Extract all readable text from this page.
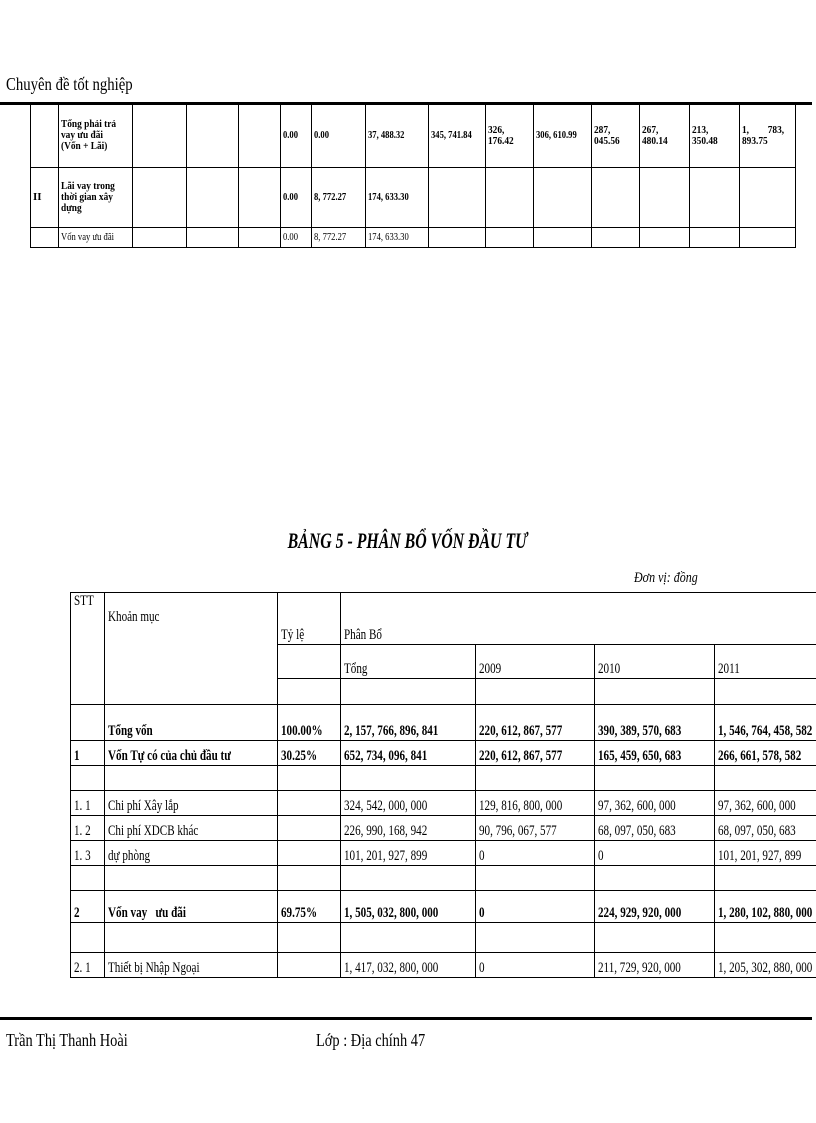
Chuyên đề tốt nghiệp
	Tổng phải trả vay ưu đãi (Vốn + Lãi)				0.00	0.00	37, 488.32	345, 741.84	326, 176.42	306, 610.99	287, 045.56	267, 480.14	213, 350.48	1,        783, 893.75
II	Lãi vay trong thời gian xây dựng				0.00	8, 772.27	174, 633.30							
	Vốn vay ưu đãi				0.00	8, 772.27	174, 633.30							
BẢNG 5 - PHÂN BỔ VỐN ĐẦU TƯ
Đơn vị: đồng
STT	Khoản mục	Tỷ lệ	Phân Bổ			
			Tổng	2009	2010	2011

	Tổng vốn	100.00%	2, 157, 766, 896, 841	220, 612, 867, 577	390, 389, 570, 683	1, 546, 764, 458, 582
1	Vốn Tự có của chủ đầu tư	30.25%	652, 734, 096, 841	220, 612, 867, 577	165, 459, 650, 683	266, 661, 578, 582

1. 1	Chi phí Xây lắp		324, 542, 000, 000	129, 816, 800, 000	97, 362, 600, 000	97, 362, 600, 000
1. 2	Chi phí XDCB khác		226, 990, 168, 942	90, 796, 067, 577	68, 097, 050, 683	68, 097, 050, 683
1. 3	dự phòng		101, 201, 927, 899	0	0	101, 201, 927, 899

2	Vốn vay   ưu đãi	69.75%	1, 505, 032, 800, 000	0	224, 929, 920, 000	1, 280, 102, 880, 000

2. 1	Thiết bị Nhập Ngoại		1, 417, 032, 800, 000	0	211, 729, 920, 000	1, 205, 302, 880, 000
Trần Thị Thanh Hoài	Lớp : Địa chính 47
